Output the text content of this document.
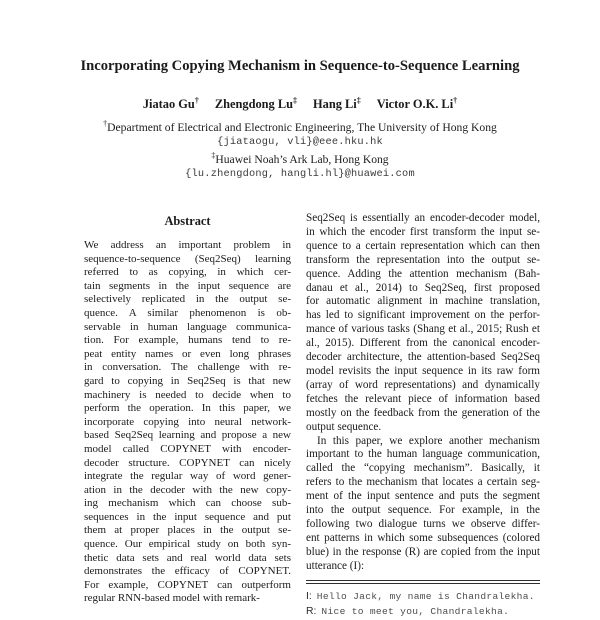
Incorporating Copying Mechanism in Sequence-to-Sequence Learning
Jiatao Gu† Zhengdong Lu‡ Hang Li‡ Victor O.K. Li†
†Department of Electrical and Electronic Engineering, The University of Hong Kong
{jiataogu, vli}@eee.hku.hk
‡Huawei Noah’s Ark Lab, Hong Kong
{lu.zhengdong, hangli.hl}@huawei.com
Abstract
We address an important problem in
sequence-to-sequence (Seq2Seq) learning
referred to as copying, in which cer-
tain segments in the input sequence are
selectively replicated in the output se-
quence. A similar phenomenon is ob-
servable in human language communica-
tion. For example, humans tend to re-
peat entity names or even long phrases
in conversation. The challenge with re-
gard to copying in Seq2Seq is that new
machinery is needed to decide when to
perform the operation. In this paper, we
incorporate copying into neural network-
based Seq2Seq learning and propose a new
model called COPYNET with encoder-
decoder structure. COPYNET can nicely
integrate the regular way of word gener-
ation in the decoder with the new copy-
ing mechanism which can choose sub-
sequences in the input sequence and put
them at proper places in the output se-
quence. Our empirical study on both syn-
thetic data sets and real world data sets
demonstrates the efficacy of COPYNET.
For example, COPYNET can outperform
regular RNN-based model with remark-
Seq2Seq is essentially an encoder-decoder model,
in which the encoder first transform the input se-
quence to a certain representation which can then
transform the representation into the output se-
quence. Adding the attention mechanism (Bah-
danau et al., 2014) to Seq2Seq, first proposed
for automatic alignment in machine translation,
has led to significant improvement on the perfor-
mance of various tasks (Shang et al., 2015; Rush et
al., 2015). Different from the canonical encoder-
decoder architecture, the attention-based Seq2Seq
model revisits the input sequence in its raw form
(array of word representations) and dynamically
fetches the relevant piece of information based
mostly on the feedback from the generation of the
output sequence.
In this paper, we explore another mechanism
important to the human language communication,
called the “copying mechanism”. Basically, it
refers to the mechanism that locates a certain seg-
ment of the input sentence and puts the segment
into the output sequence. For example, in the
following two dialogue turns we observe differ-
ent patterns in which some subsequences (colored
blue) in the response (R) are copied from the input
utterance (I):
I: Hello Jack, my name is Chandralekha.
R: Nice to meet you, Chandralekha.
